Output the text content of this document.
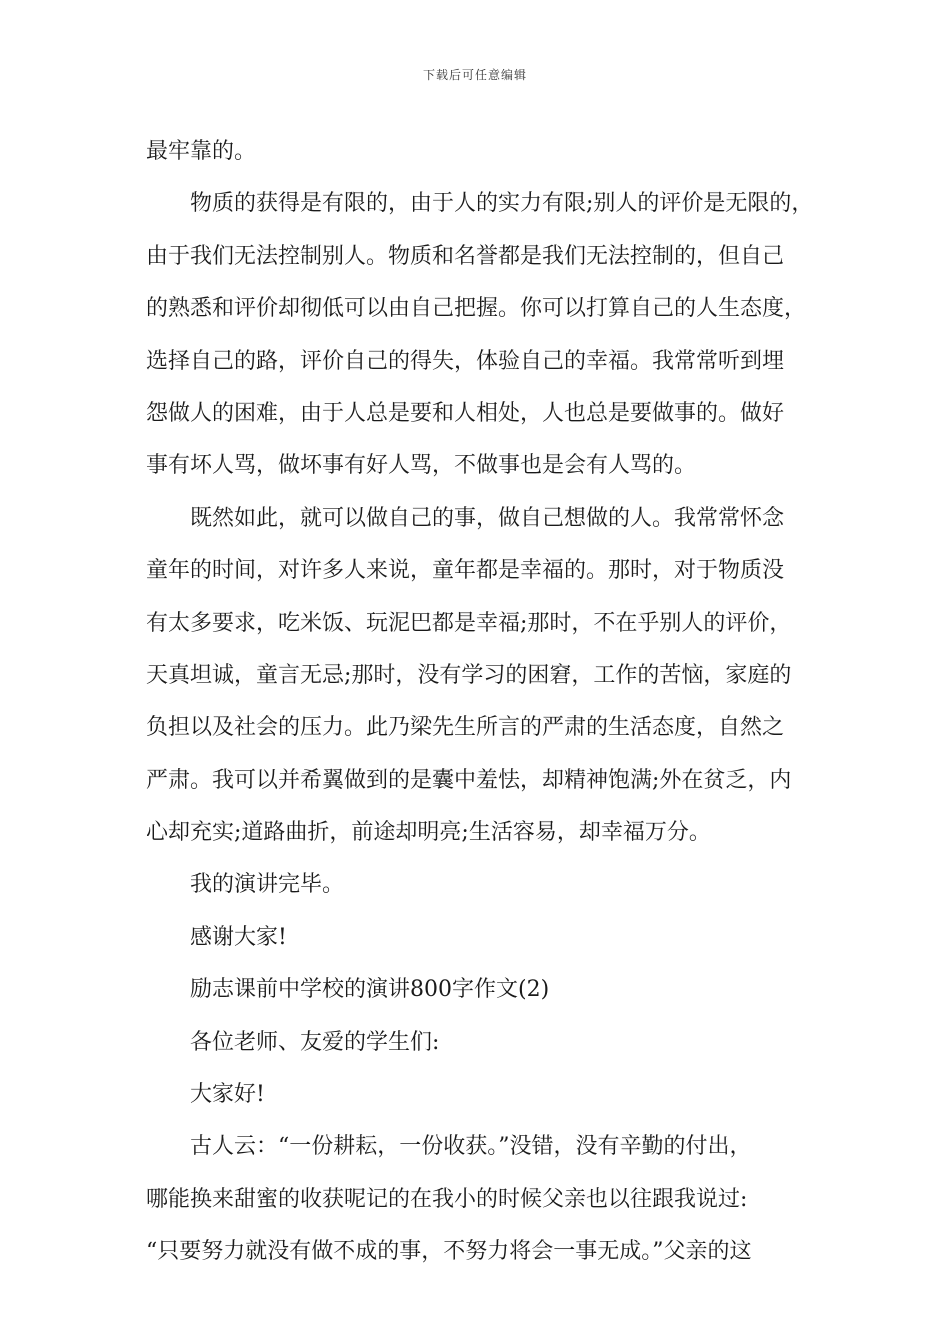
下载后可任意编辑
最牢靠的。
物质的获得是有限的，由于人的实力有限;别人的评价是无限的，
由于我们无法控制别人。物质和名誉都是我们无法控制的，但自己
的熟悉和评价却彻低可以由自己把握。你可以打算自己的人生态度，
选择自己的路，评价自己的得失，体验自己的幸福。我常常听到埋
怨做人的困难，由于人总是要和人相处，人也总是要做事的。做好
事有坏人骂，做坏事有好人骂，不做事也是会有人骂的。
既然如此，就可以做自己的事，做自己想做的人。我常常怀念
童年的时间，对许多人来说，童年都是幸福的。那时，对于物质没
有太多要求，吃米饭、玩泥巴都是幸福;那时，不在乎别人的评价，
天真坦诚，童言无忌;那时，没有学习的困窘，工作的苦恼，家庭的
负担以及社会的压力。此乃梁先生所言的严肃的生活态度，自然之
严肃。我可以并希翼做到的是囊中羞怯，却精神饱满;外在贫乏，内
心却充实;道路曲折，前途却明亮;生活容易，却幸福万分。
我的演讲完毕。
感谢大家!
励志课前中学校的演讲800字作文(2)
各位老师、友爱的学生们:
大家好!
古人云：“一份耕耘，一份收获。”没错，没有辛勤的付出，
哪能换来甜蜜的收获呢记的在我小的时候父亲也以往跟我说过:
“只要努力就没有做不成的事，不努力将会一事无成。”父亲的这
